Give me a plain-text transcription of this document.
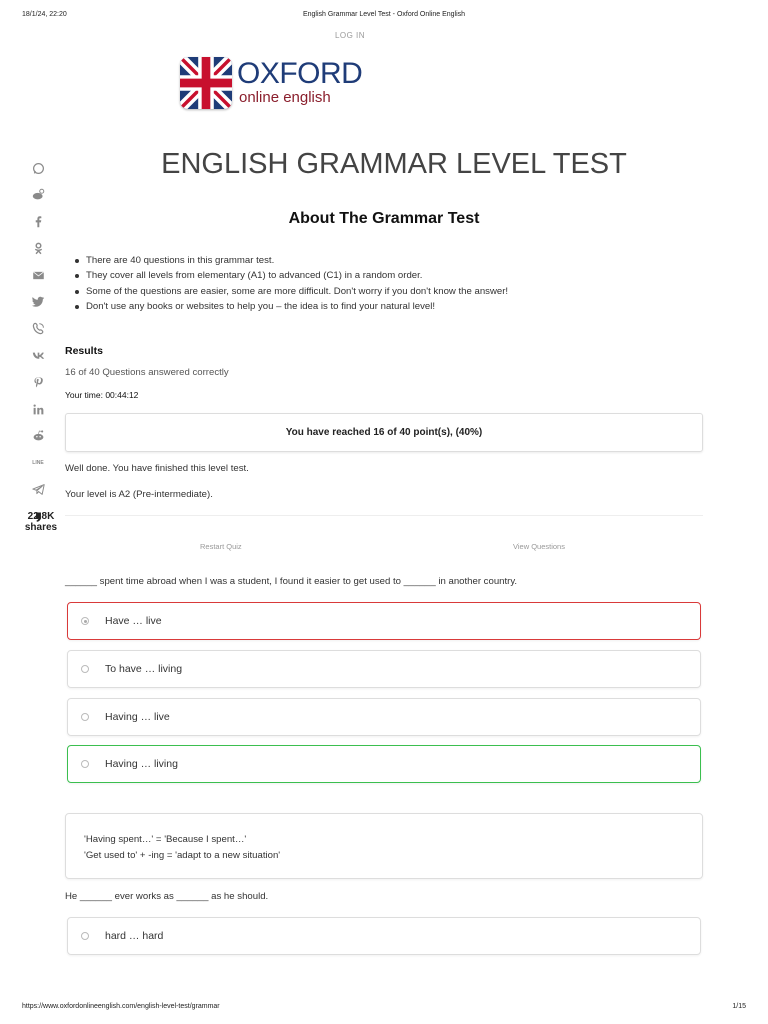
18/1/24, 22:20	English Grammar Level Test - Oxford Online English
LOG IN
OXFORD
online english
LINE
22.8K
shares
ENGLISH GRAMMAR LEVEL TEST
About The Grammar Test
There are 40 questions in this grammar test.
They cover all levels from elementary (A1) to advanced (C1) in a random order.
Some of the questions are easier, some are more difficult. Don't worry if you don't know the answer!
Don't use any books or websites to help you – the idea is to find your natural level!
Results
16 of 40 Questions answered correctly
Your time: 00:44:12
You have reached 16 of 40 point(s), (40%)
Well done. You have finished this level test.
Your level is A2 (Pre-intermediate).
Restart Quiz	View Questions
______ spent time abroad when I was a student, I found it easier to get used to ______ in another country.
Have … live
To have … living
Having … live
Having … living
'Having spent…' = 'Because I spent…'
'Get used to' + -ing = 'adapt to a new situation'
He ______ ever works as ______ as he should.
hard … hard
https://www.oxfordonlineenglish.com/english-level-test/grammar	1/15
